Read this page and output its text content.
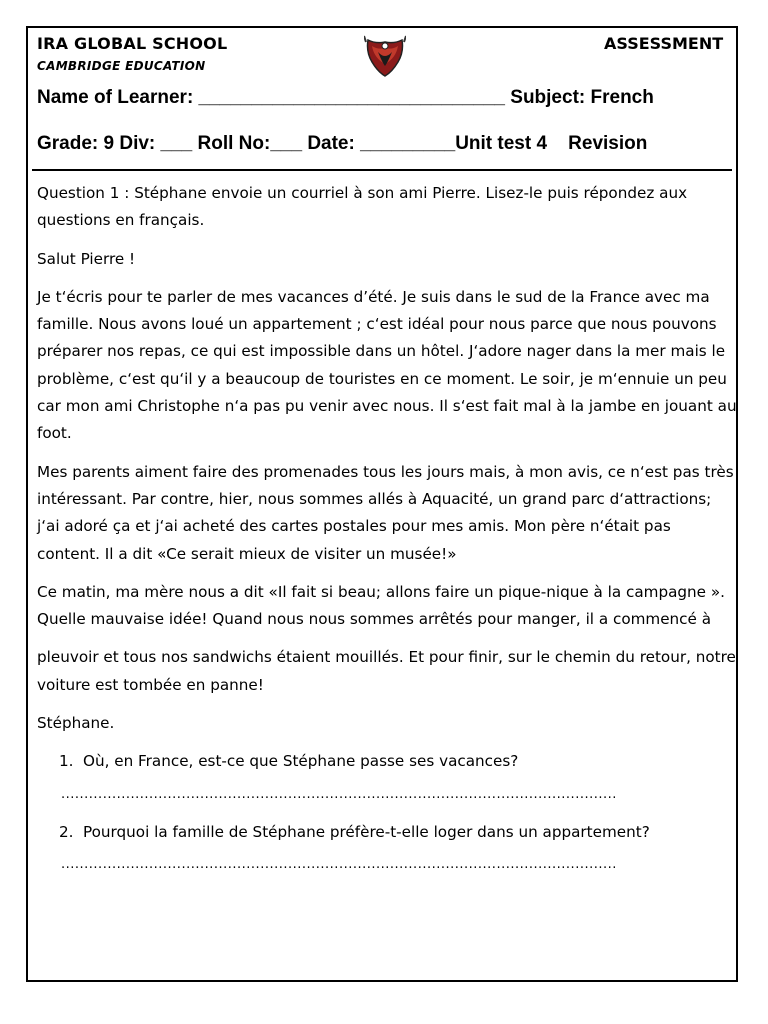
IRA GLOBAL SCHOOL
CAMBRIDGE EDUCATION
ASSESSMENT
Name of Learner: _____________________________ Subject: French
Grade: 9 Div: ___ Roll No:___ Date: _________Unit test 4    Revision

Question 1 : Stéphane envoie un courriel à son ami Pierre. Lisez-le puis répondez aux questions en français.

Salut Pierre !

Je t‘écris pour te parler de mes vacances d’été. Je suis dans le sud de la France avec ma famille. Nous avons loué un appartement ; c‘est idéal pour nous parce que nous pouvons préparer nos repas, ce qui est impossible dans un hôtel. J‘adore nager dans la mer mais le problème, c‘est qu‘il y a beaucoup de touristes en ce moment. Le soir, je m‘ennuie un peu car mon ami Christophe n‘a pas pu venir avec nous. Il s‘est fait mal à la jambe en jouant au foot.

Mes parents aiment faire des promenades tous les jours mais, à mon avis, ce n‘est pas très intéressant. Par contre, hier, nous sommes allés à Aquacité, un grand parc d‘attractions; j‘ai adoré ça et j‘ai acheté des cartes postales pour mes amis. Mon père n‘était pas content. Il a dit «Ce serait mieux de visiter un musée!»

Ce matin, ma mère nous a dit «Il fait si beau; allons faire un pique-nique à la campagne ». Quelle mauvaise idée! Quand nous nous sommes arrêtés pour manger, il a commencé à

pleuvoir et tous nos sandwichs étaient mouillés. Et pour finir, sur le chemin du retour, notre voiture est tombée en panne!

Stéphane.

1. Où, en France, est-ce que Stéphane passe ses vacances?
........................................................................................................................
2. Pourquoi la famille de Stéphane préfère-t-elle loger dans un appartement?
........................................................................................................................
